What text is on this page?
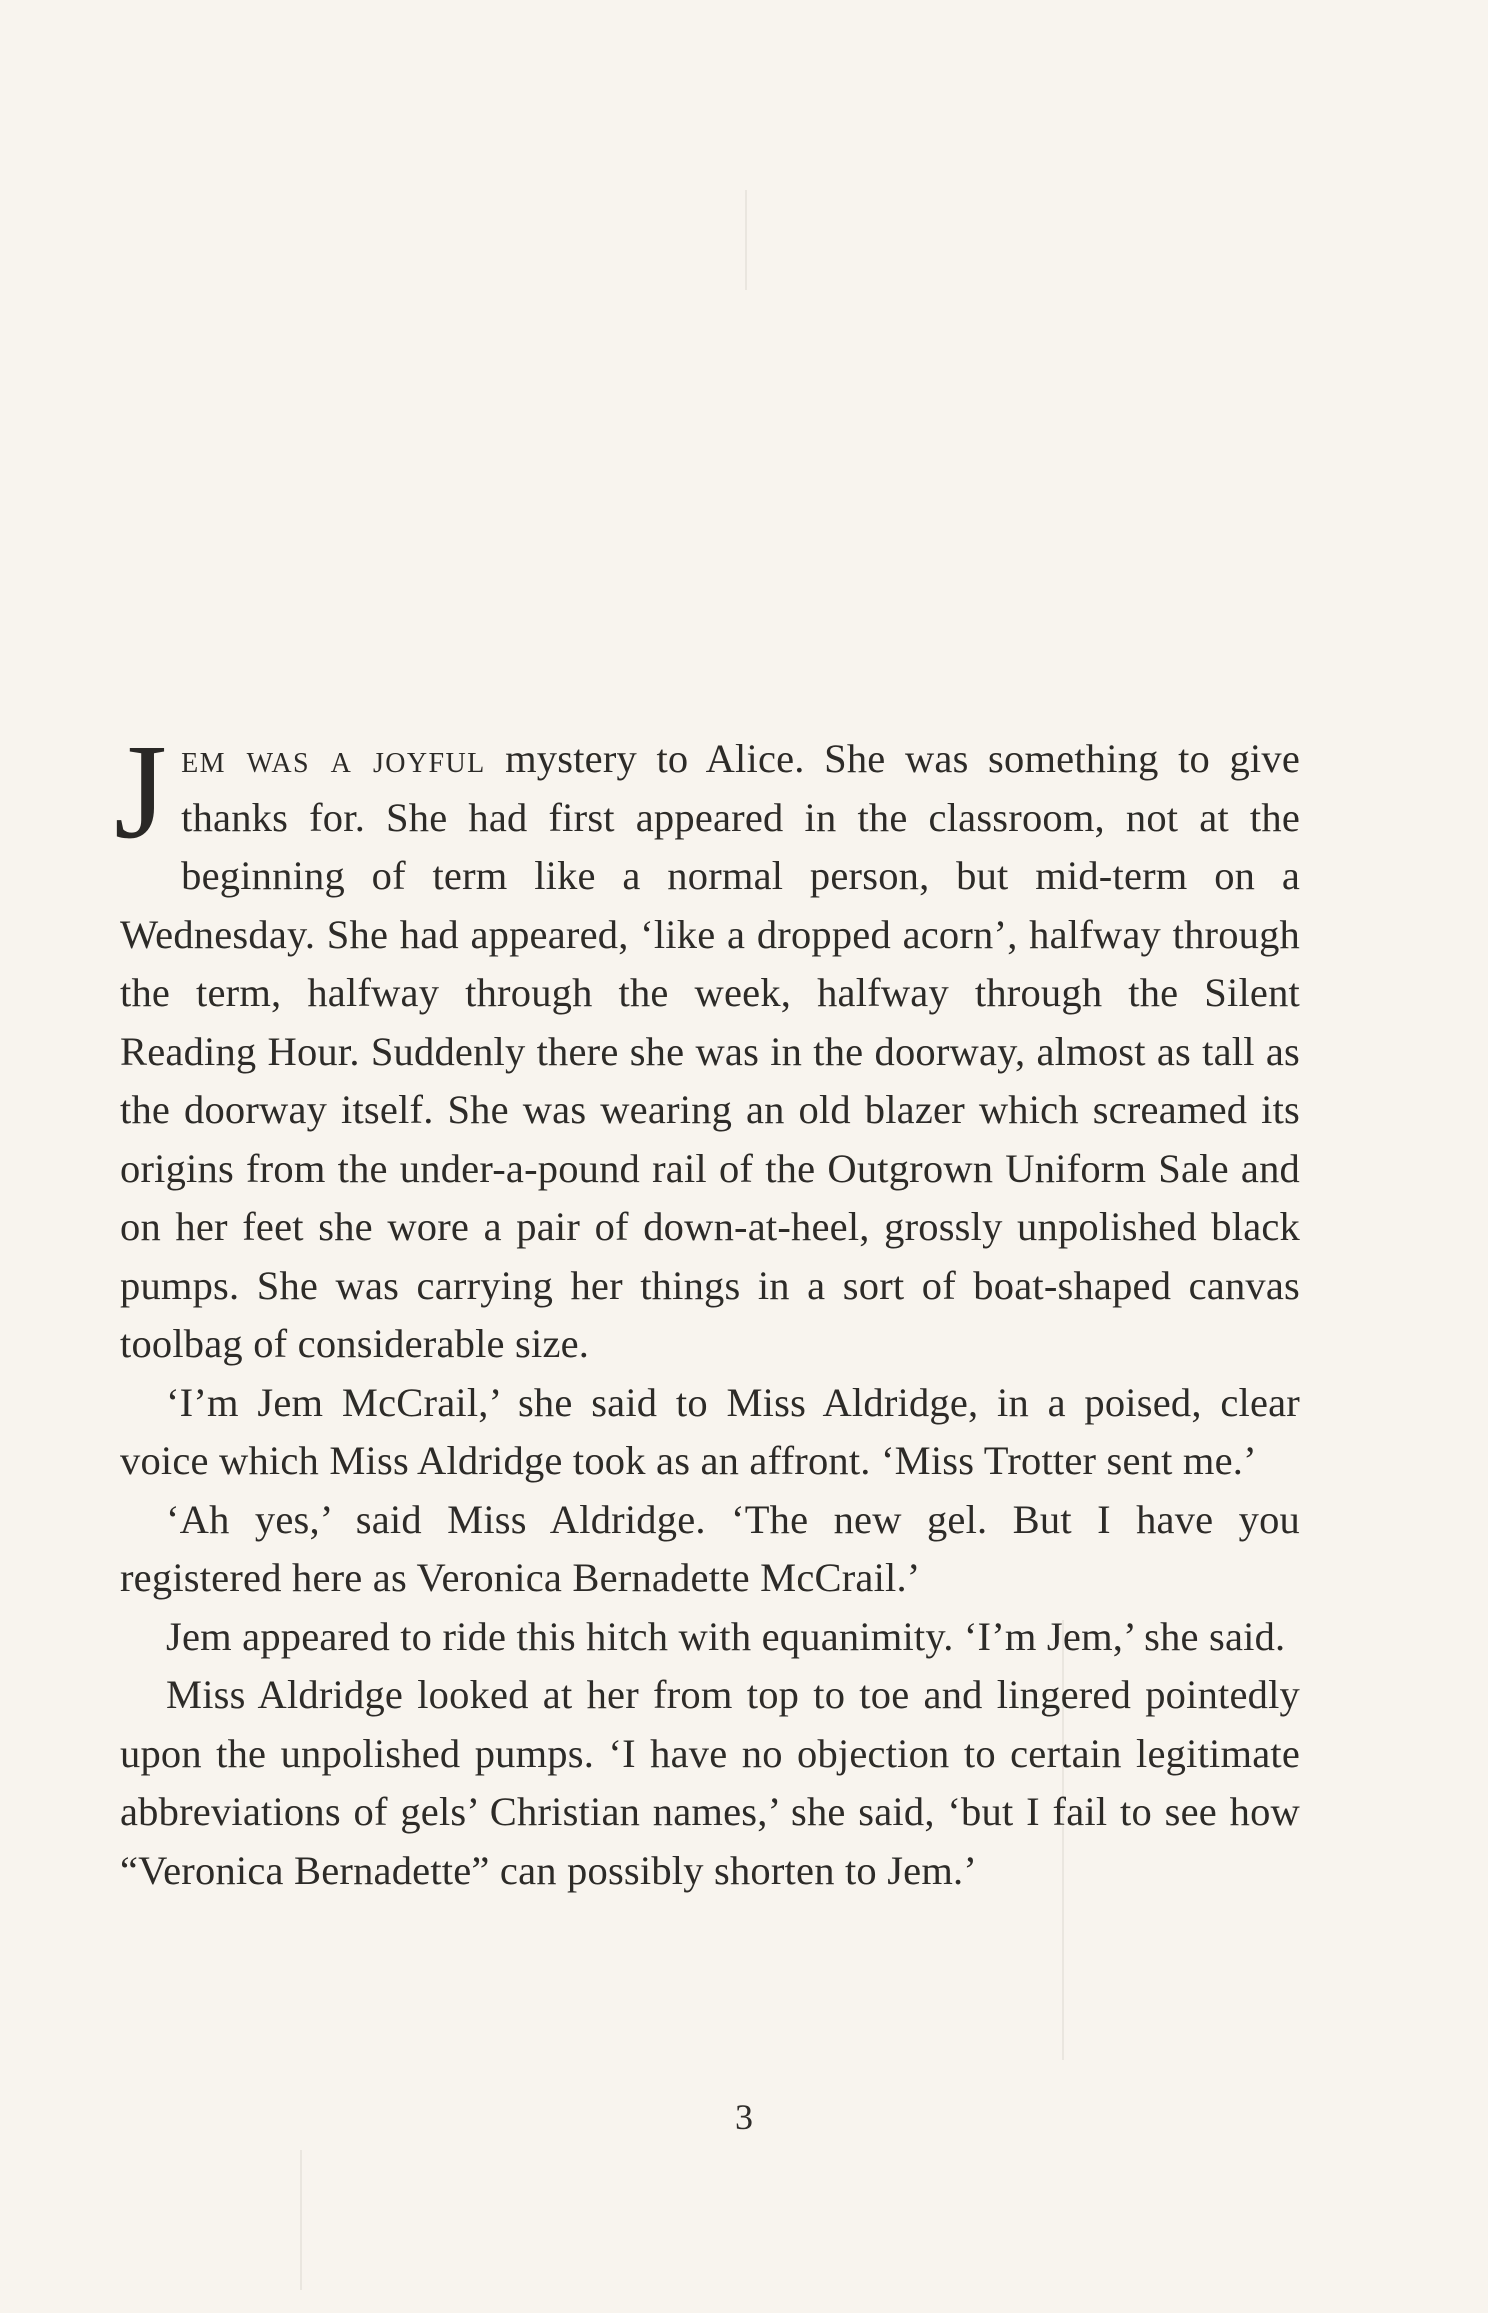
Jem was a joyful mystery to Alice. She was something to give thanks for. She had first appeared in the classroom, not at the beginning of term like a normal person, but mid-term on a Wednesday. She had appeared, ‘like a dropped acorn’, halfway through the term, halfway through the week, halfway through the Silent Reading Hour. Suddenly there she was in the doorway, almost as tall as the doorway itself. She was wearing an old blazer which screamed its origins from the under-a-pound rail of the Outgrown Uniform Sale and on her feet she wore a pair of down-at-heel, grossly unpolished black pumps. She was carrying her things in a sort of boat-shaped canvas toolbag of considerable size.

‘I’m Jem McCrail,’ she said to Miss Aldridge, in a poised, clear voice which Miss Aldridge took as an affront. ‘Miss Trotter sent me.’

‘Ah yes,’ said Miss Aldridge. ‘The new gel. But I have you registered here as Veronica Bernadette McCrail.’

Jem appeared to ride this hitch with equanimity. ‘I’m Jem,’ she said.

Miss Aldridge looked at her from top to toe and lingered pointedly upon the unpolished pumps. ‘I have no objection to certain legitimate abbreviations of gels’ Christian names,’ she said, ‘but I fail to see how “Veronica Bernadette” can possibly shorten to Jem.’

3
